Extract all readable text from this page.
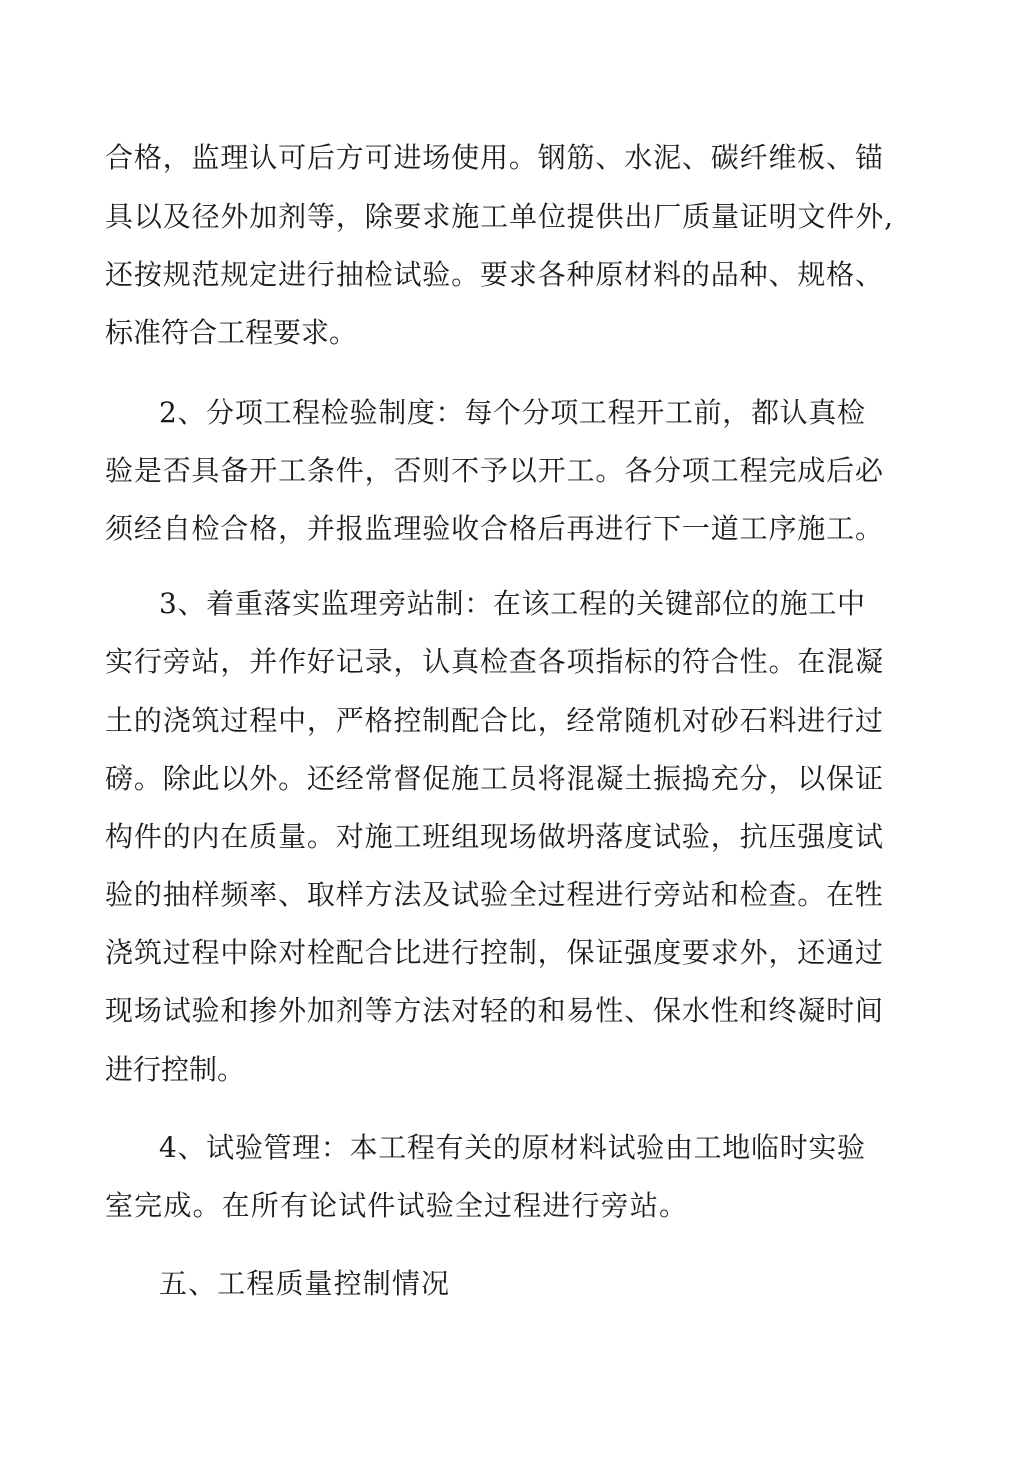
合格，监理认可后方可进场使用。钢筋、水泥、碳纤维板、锚
具以及径外加剂等，除要求施工单位提供出厂质量证明文件外,
还按规范规定进行抽检试验。要求各种原材料的品种、规格、
标准符合工程要求。
2、分项工程检验制度：每个分项工程开工前，都认真检
验是否具备开工条件，否则不予以开工。各分项工程完成后必
须经自检合格，并报监理验收合格后再进行下一道工序施工。
3、着重落实监理旁站制：在该工程的关键部位的施工中
实行旁站，并作好记录，认真检查各项指标的符合性。在混凝
土的浇筑过程中，严格控制配合比，经常随机对砂石料进行过
磅。除此以外。还经常督促施工员将混凝土振捣充分，以保证
构件的内在质量。对施工班组现场做坍落度试验，抗压强度试
验的抽样频率、取样方法及试验全过程进行旁站和检查。在牲
浇筑过程中除对栓配合比进行控制，保证强度要求外，还通过
现场试验和掺外加剂等方法对轻的和易性、保水性和终凝时间
进行控制。
4、试验管理：本工程有关的原材料试验由工地临时实验
室完成。在所有论试件试验全过程进行旁站。
五、工程质量控制情况
